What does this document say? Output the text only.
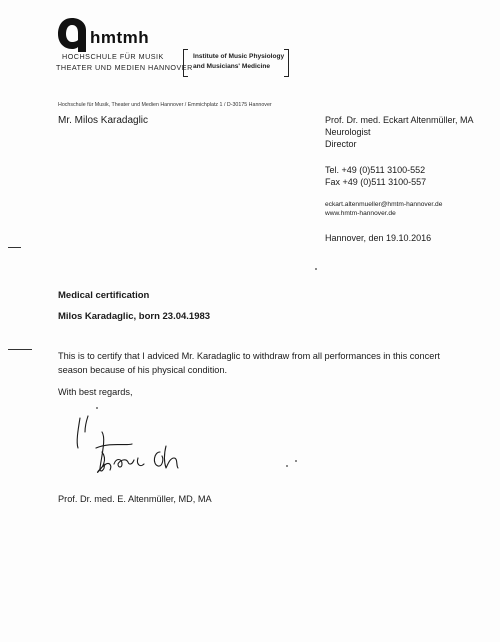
hmtmh
HOCHSCHULE FÜR MUSIK
THEATER UND MEDIEN HANNOVER
Institute of Music Physiology
and Musicians' Medicine
Hochschule für Musik, Theater und Medien Hannover / Emmichplatz 1 / D-30175 Hannover
Mr. Milos Karadaglic	Prof. Dr. med. Eckart Altenmüller, MA
Neurologist
Director
Tel. +49 (0)511 3100-552
Fax +49 (0)511 3100-557
eckart.altenmueller@hmtm-hannover.de
www.hmtm-hannover.de
Hannover, den 19.10.2016
Medical certification
Milos Karadaglic, born 23.04.1983
This is to certify that I adviced Mr. Karadaglic to withdraw from all performances in this concert season because of his physical condition.
With best regards,
Prof. Dr. med. E. Altenmüller, MD, MA
